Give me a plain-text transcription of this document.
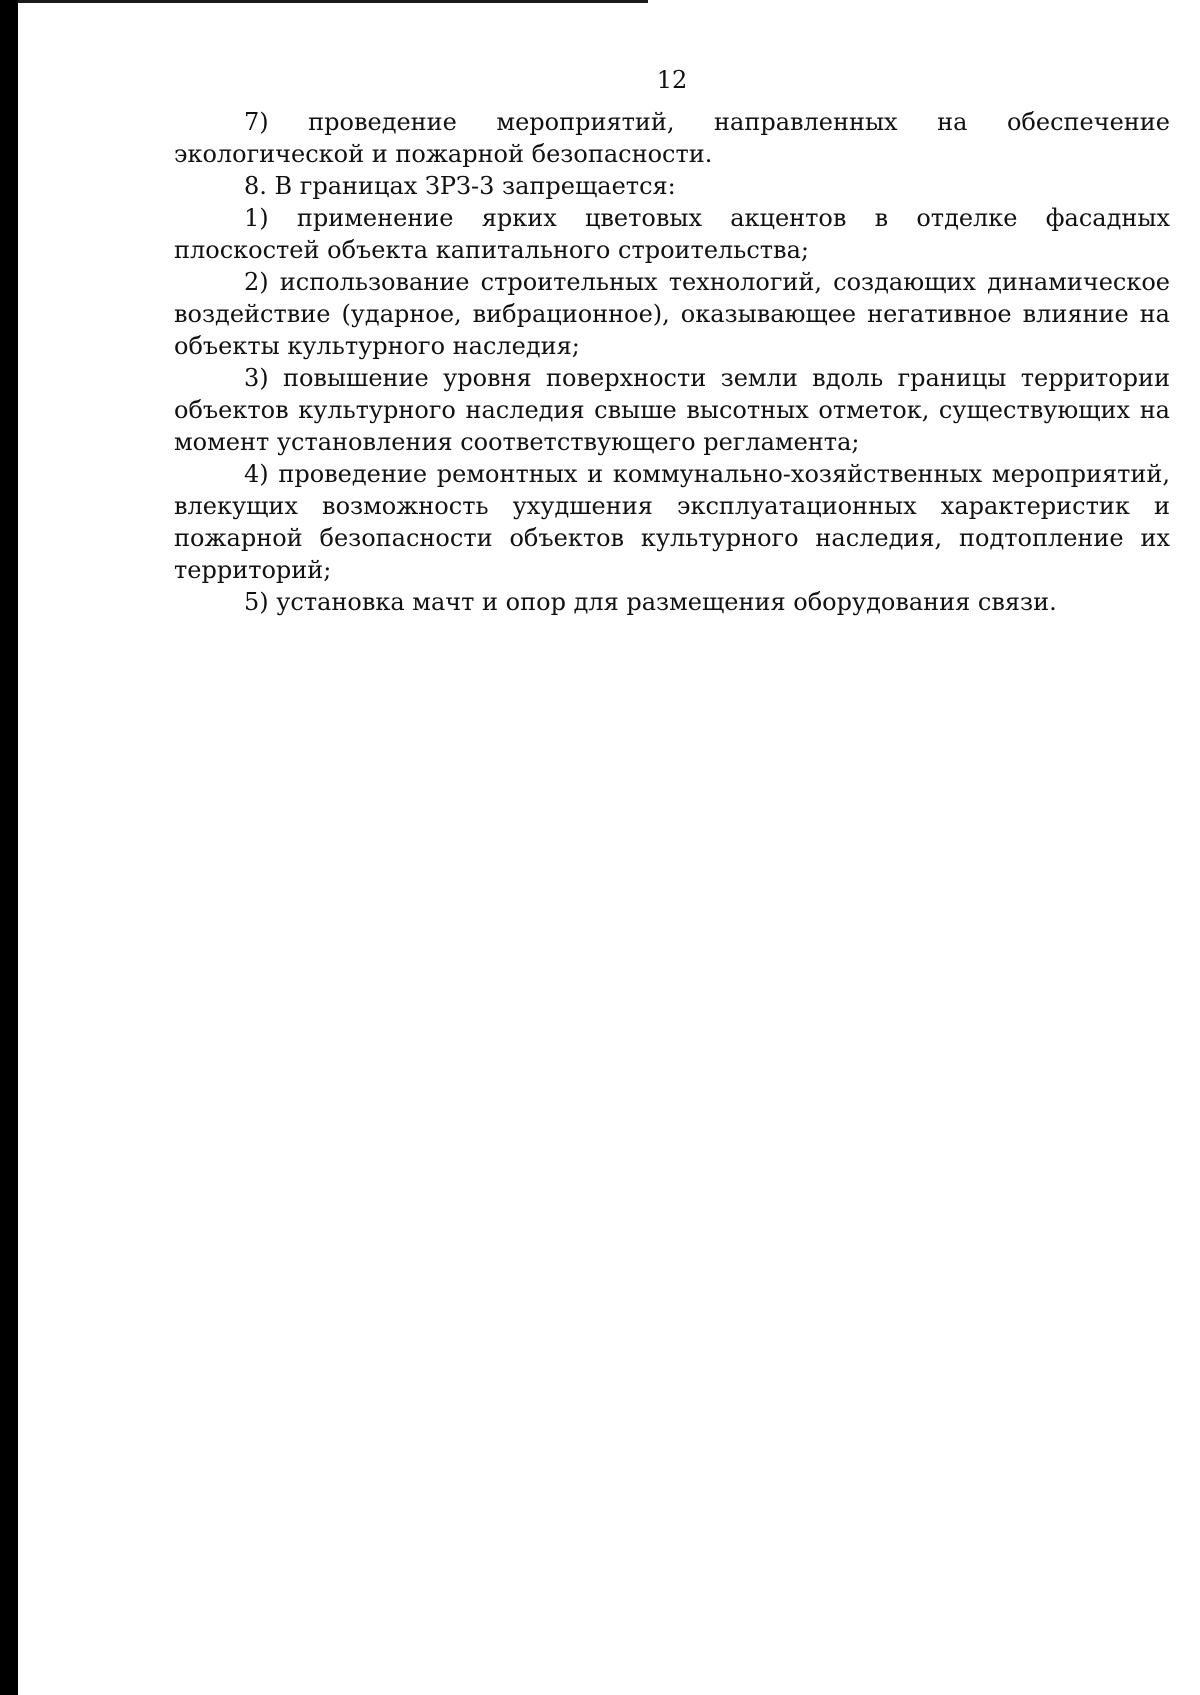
12

7) проведение мероприятий, направленных на обеспечение экологической и пожарной безопасности.

8. В границах ЗРЗ-3 запрещается:

1) применение ярких цветовых акцентов в отделке фасадных плоскостей объекта капитального строительства;

2) использование строительных технологий, создающих динамическое воздействие (ударное, вибрационное), оказывающее негативное влияние на объекты культурного наследия;

3) повышение уровня поверхности земли вдоль границы территории объектов культурного наследия свыше высотных отметок, существующих на момент установления соответствующего регламента;

4) проведение ремонтных и коммунально-хозяйственных мероприятий, влекущих возможность ухудшения эксплуатационных характеристик и пожарной безопасности объектов культурного наследия, подтопление их территорий;

5) установка мачт и опор для размещения оборудования связи.
